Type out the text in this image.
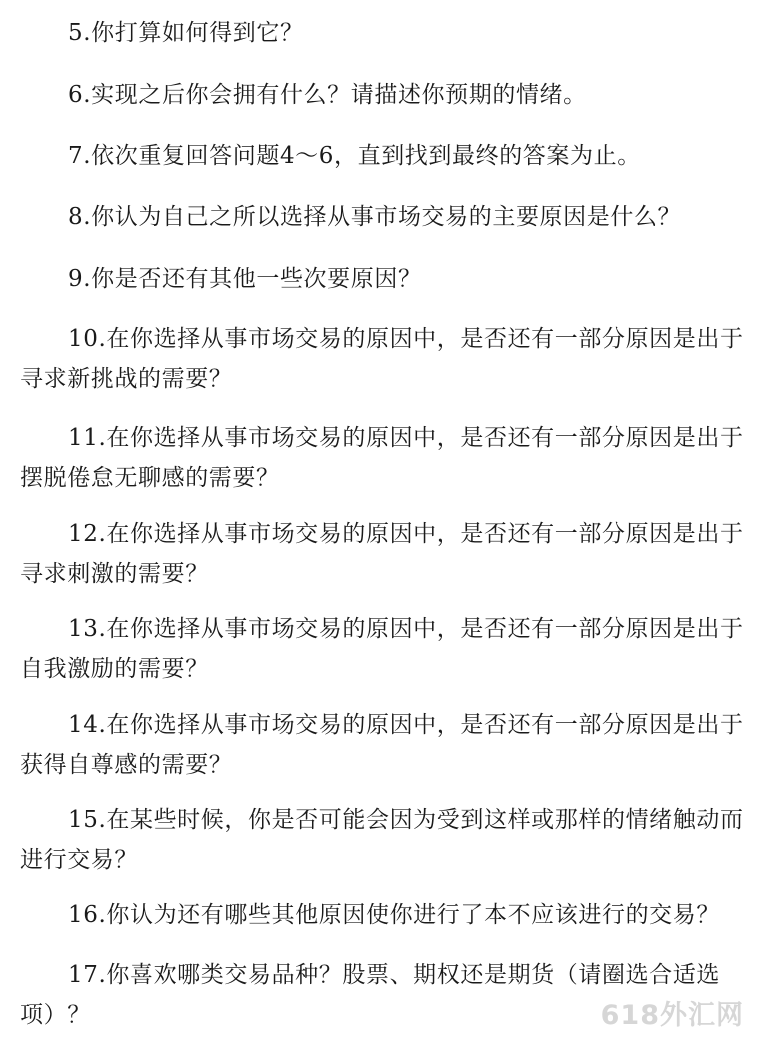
5.你打算如何得到它？
6.实现之后你会拥有什么？请描述你预期的情绪。
7.依次重复回答问题4～6，直到找到最终的答案为止。
8.你认为自己之所以选择从事市场交易的主要原因是什么？
9.你是否还有其他一些次要原因？
10.在你选择从事市场交易的原因中，是否还有一部分原因是出于
寻求新挑战的需要？
11.在你选择从事市场交易的原因中，是否还有一部分原因是出于
摆脱倦怠无聊感的需要？
12.在你选择从事市场交易的原因中，是否还有一部分原因是出于
寻求刺激的需要？
13.在你选择从事市场交易的原因中，是否还有一部分原因是出于
自我激励的需要？
14.在你选择从事市场交易的原因中，是否还有一部分原因是出于
获得自尊感的需要？
15.在某些时候，你是否可能会因为受到这样或那样的情绪触动而
进行交易？
16.你认为还有哪些其他原因使你进行了本不应该进行的交易？
17.你喜欢哪类交易品种？股票、期权还是期货（请圈选合适选
项）？	618外汇网
